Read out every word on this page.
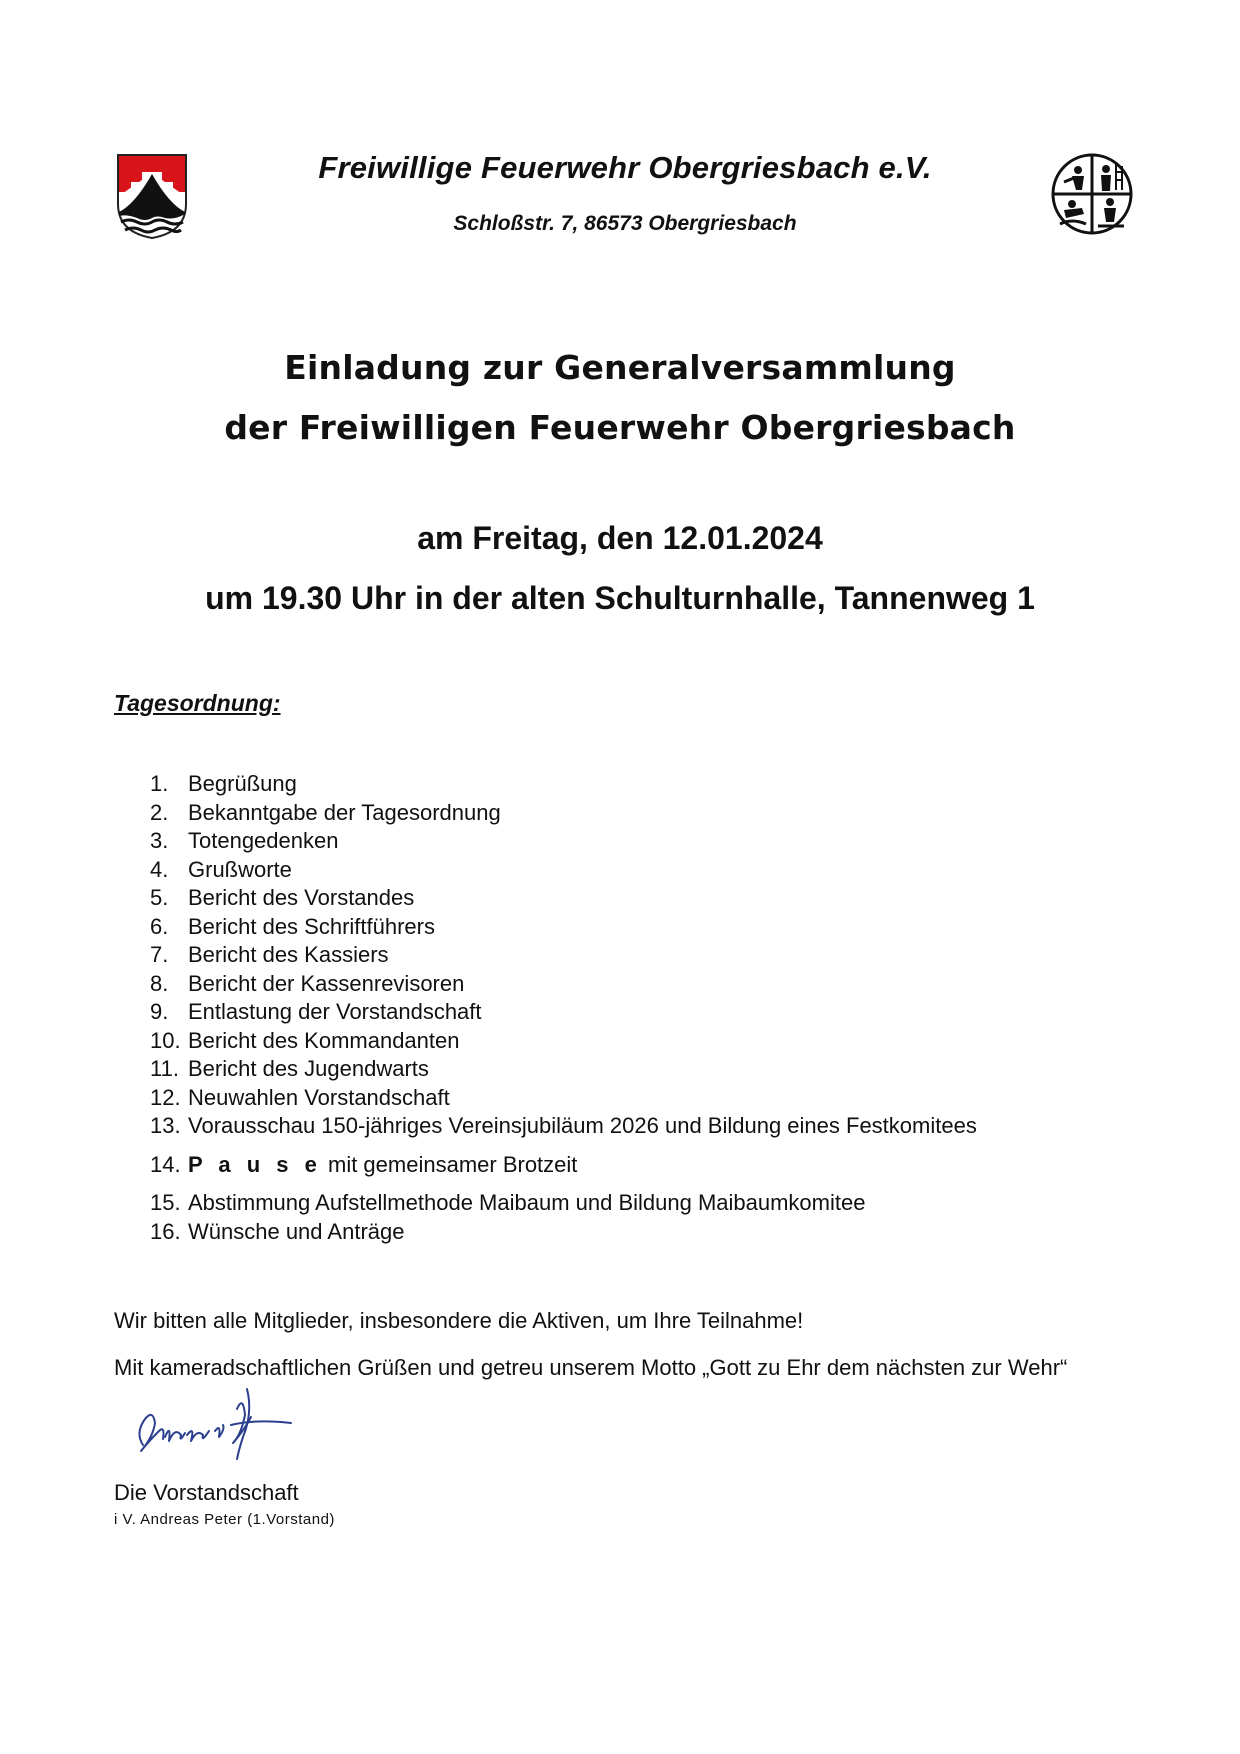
Freiwillige Feuerwehr Obergriesbach e.V.
Schloßstr. 7, 86573 Obergriesbach
Einladung zur Generalversammlung
der Freiwilligen Feuerwehr Obergriesbach
am Freitag, den 12.01.2024
um 19.30 Uhr in der alten Schulturnhalle, Tannenweg 1
Tagesordnung:
1. Begrüßung
2. Bekanntgabe der Tagesordnung
3. Totengedenken
4. Grußworte
5. Bericht des Vorstandes
6. Bericht des Schriftführers
7. Bericht des Kassiers
8. Bericht der Kassenrevisoren
9. Entlastung der Vorstandschaft
10. Bericht des Kommandanten
11. Bericht des Jugendwarts
12. Neuwahlen Vorstandschaft
13. Vorausschau 150-jähriges Vereinsjubiläum 2026 und Bildung eines Festkomitees
14. P a u s e mit gemeinsamer Brotzeit
15. Abstimmung Aufstellmethode Maibaum und Bildung Maibaumkomitee
16. Wünsche und Anträge
Wir bitten alle Mitglieder, insbesondere die Aktiven, um Ihre Teilnahme!
Mit kameradschaftlichen Grüßen und getreu unserem Motto „Gott zu Ehr dem nächsten zur Wehr“
Die Vorstandschaft
i V. Andreas Peter (1.Vorstand)
